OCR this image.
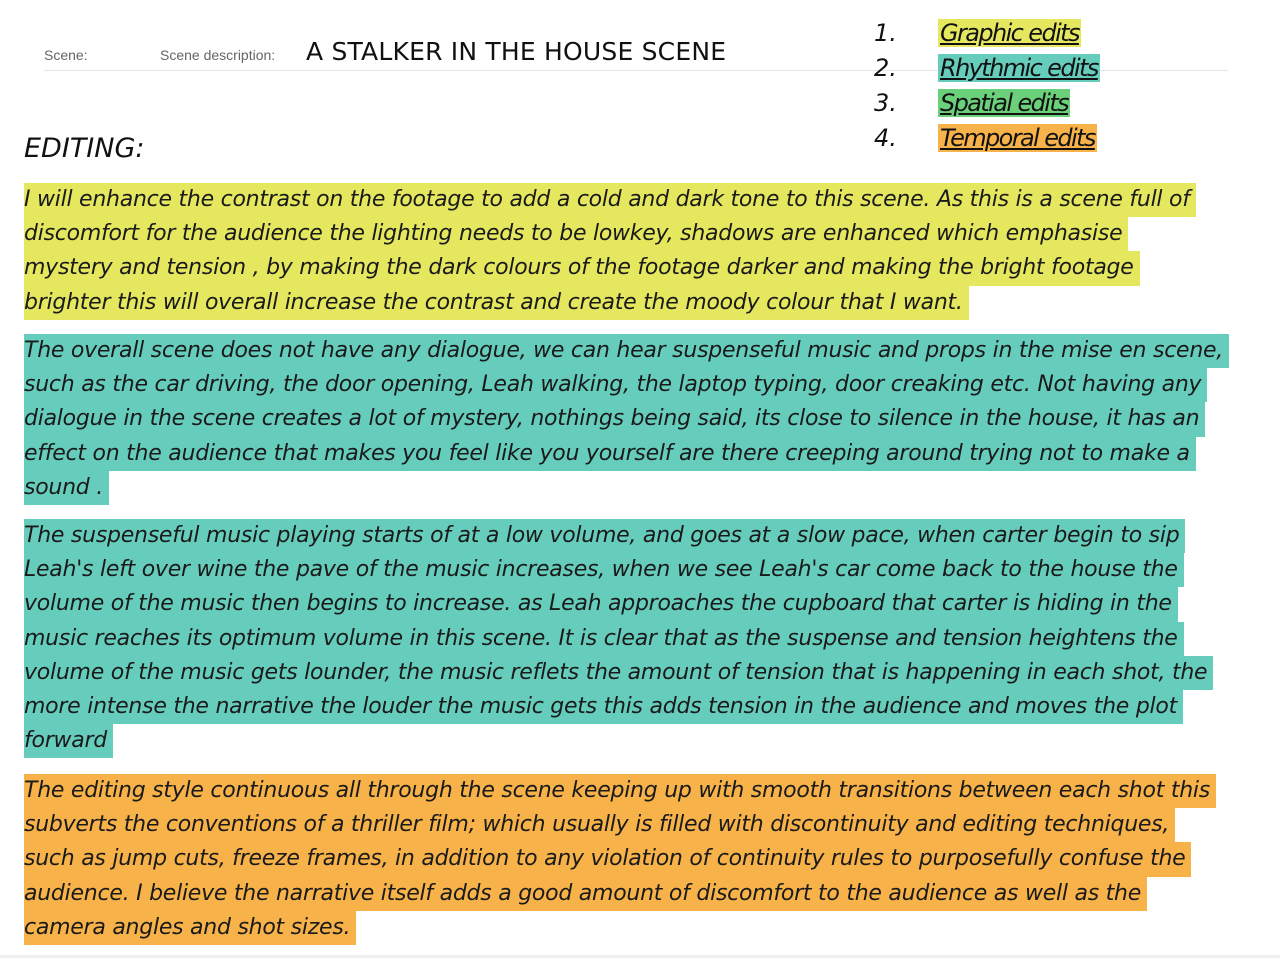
Scene:	Scene description: A STALKER IN THE HOUSE SCENE
1.	Graphic edits
2.	Rhythmic edits
3.	Spatial edits
4.	Temporal edits
EDITING:

I will enhance the contrast on the footage to add a cold and dark tone to this scene. As this is a scene full of
discomfort for the audience the lighting needs to be lowkey, shadows are enhanced which emphasise
mystery and tension , by making the dark colours of the footage darker and making the bright footage
brighter this will overall increase the contrast and create the moody colour that I want.

The overall scene does not have any dialogue, we can hear suspenseful music and props in the mise en scene,
such as the car driving, the door opening, Leah walking, the laptop typing, door creaking etc. Not having any
dialogue in the scene creates a lot of mystery, nothings being said, its close to silence in the house, it has an
effect on the audience that makes you feel like you yourself are there creeping around trying not to make a
sound .

The suspenseful music playing starts of at a low volume, and goes at a slow pace, when carter begin to sip
Leah's left over wine the pave of the music increases, when we see Leah's car come back to the house the
volume of the music then begins to increase. as Leah approaches the cupboard that carter is hiding in the
music reaches its optimum volume in this scene. It is clear that as the suspense and tension heightens the
volume of the music gets lounder, the music reflets the amount of tension that is happening in each shot, the
more intense the narrative the louder the music gets this adds tension in the audience and moves the plot
forward

The editing style continuous all through the scene keeping up with smooth transitions between each shot this
subverts the conventions of a thriller film; which usually is filled with discontinuity and editing techniques,
such as jump cuts, freeze frames, in addition to any violation of continuity rules to purposefully confuse the
audience. I believe the narrative itself adds a good amount of discomfort to the audience as well as the
camera angles and shot sizes.
